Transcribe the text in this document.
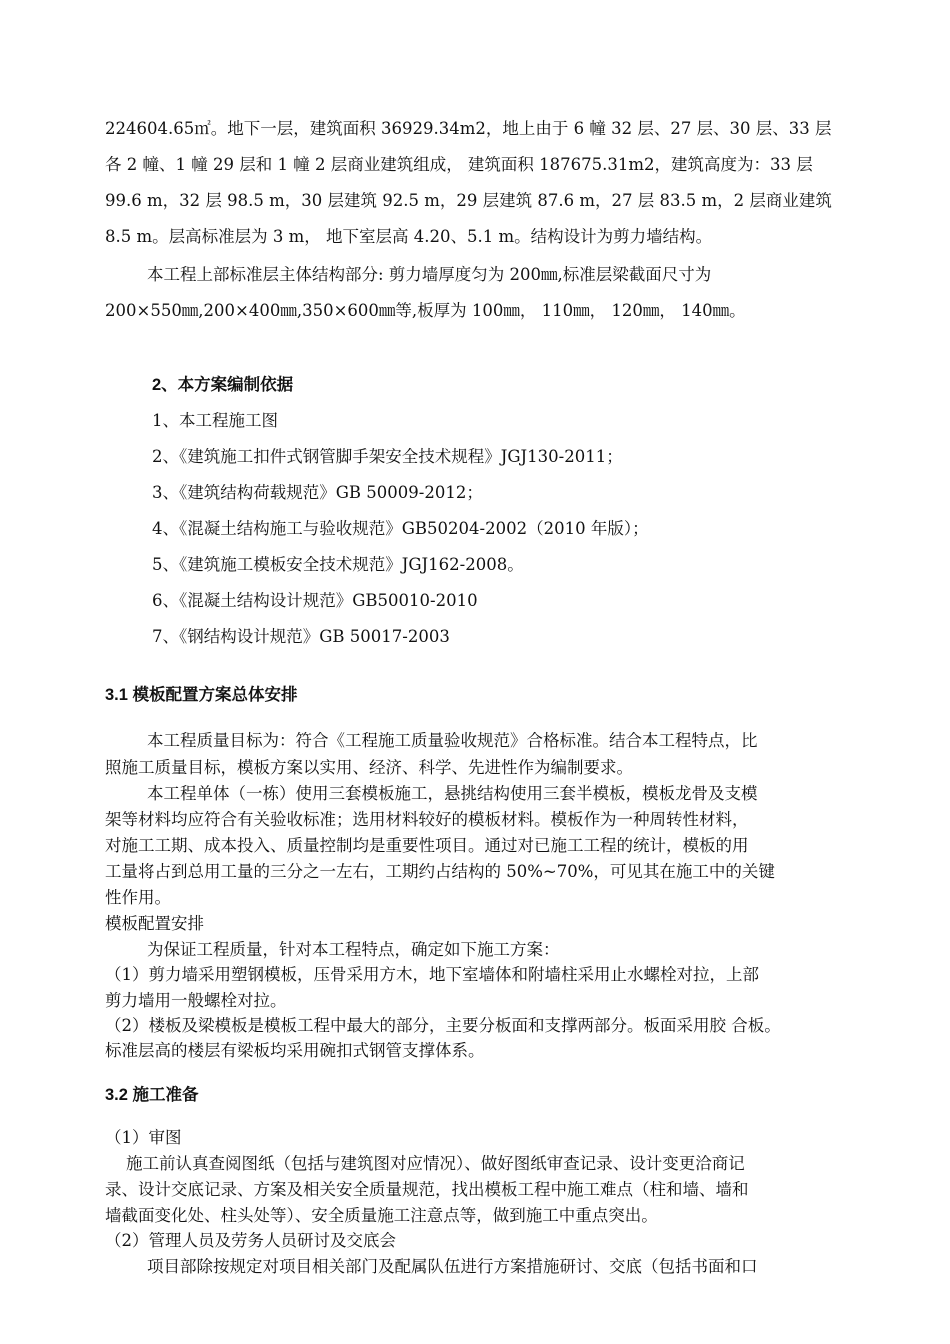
224604.65㎡。地下一层，建筑面积 36929.34m2，地上由于 6 幢 32 层、27 层、30 层、33 层
各 2 幢、1 幢 29 层和 1 幢 2 层商业建筑组成， 建筑面积 187675.31m2，建筑高度为：33 层
99.6 m，32 层 98.5 m，30 层建筑 92.5 m，29 层建筑 87.6 m，27 层 83.5 m，2 层商业建筑
8.5 m。层高标准层为 3 m， 地下室层高 4.20、5.1 m。结构设计为剪力墙结构。
本工程上部标准层主体结构部分: 剪力墙厚度匀为 200㎜,标准层梁截面尺寸为
200×550㎜,200×400㎜,350×600㎜等,板厚为 100㎜， 110㎜， 120㎜， 140㎜。
2、本方案编制依据
1、本工程施工图
2、《建筑施工扣件式钢管脚手架安全技术规程》JGJ130-2011；
3、《建筑结构荷载规范》GB 50009-2012；
4、《混凝土结构施工与验收规范》GB50204-2002（2010 年版）；
5、《建筑施工模板安全技术规范》JGJ162-2008。
6、《混凝土结构设计规范》GB50010-2010
7、《钢结构设计规范》GB 50017-2003
3.1 模板配置方案总体安排
本工程质量目标为：符合《工程施工质量验收规范》合格标准。结合本工程特点，比
照施工质量目标，模板方案以实用、经济、科学、先进性作为编制要求。
本工程单体（一栋）使用三套模板施工，悬挑结构使用三套半模板，模板龙骨及支模
架等材料均应符合有关验收标准；选用材料较好的模板材料。模板作为一种周转性材料，
对施工工期、成本投入、质量控制均是重要性项目。通过对已施工工程的统计，模板的用
工量将占到总用工量的三分之一左右，工期约占结构的 50%~70%，可见其在施工中的关键
性作用。
模板配置安排
为保证工程质量，针对本工程特点，确定如下施工方案：
（1）剪力墙采用塑钢模板，压骨采用方木，地下室墙体和附墙柱采用止水螺栓对拉，上部
剪力墙用一般螺栓对拉。
（2）楼板及梁模板是模板工程中最大的部分，主要分板面和支撑两部分。板面采用胶 合板。
标准层高的楼层有梁板均采用碗扣式钢管支撑体系。
3.2 施工准备
（1）审图
施工前认真查阅图纸（包括与建筑图对应情况）、做好图纸审查记录、设计变更洽商记
录、设计交底记录、方案及相关安全质量规范，找出模板工程中施工难点（柱和墙、墙和
墙截面变化处、柱头处等）、安全质量施工注意点等，做到施工中重点突出。
（2）管理人员及劳务人员研讨及交底会
项目部除按规定对项目相关部门及配属队伍进行方案措施研讨、交底（包括书面和口
